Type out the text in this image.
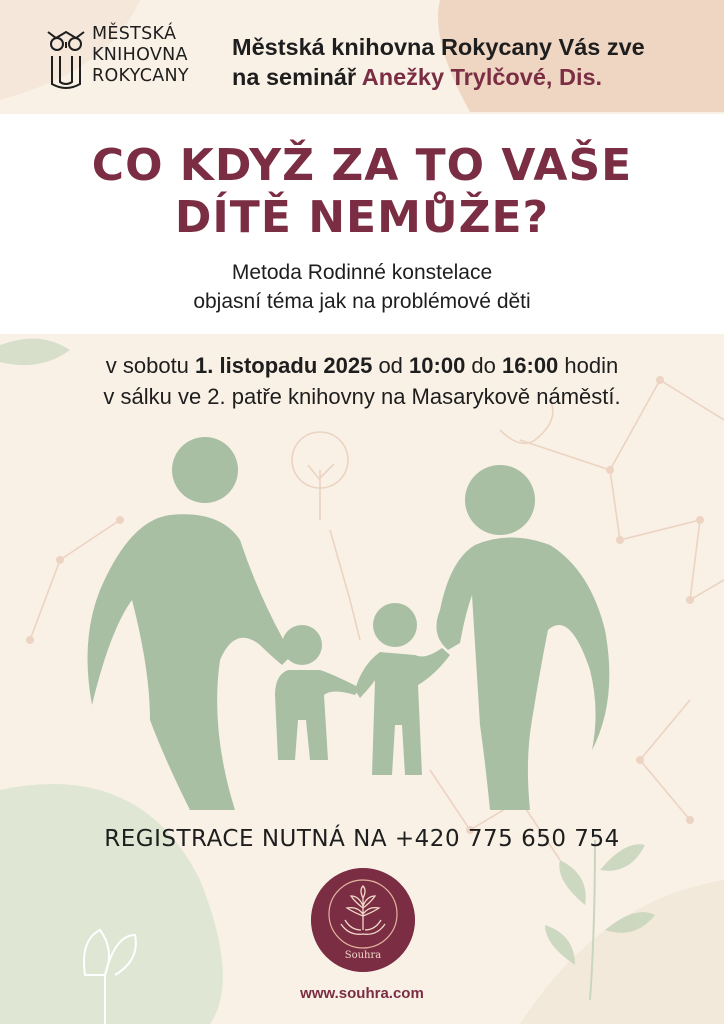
MĚSTSKÁ
KNIHOVNA
ROKYCANY
Městská knihovna Rokycany Vás zve
na seminář Anežky Trylčové, Dis.
CO KDYŽ ZA TO VAŠE
DÍTĚ NEMŮŽE?
Metoda Rodinné konstelace
objasní téma jak na problémové děti
v sobotu 1. listopadu 2025 od 10:00 do 16:00 hodin
v sálku ve 2. patře knihovny na Masarykově náměstí.
REGISTRACE NUTNÁ NA +420 775 650 754
Souhra
www.souhra.com
